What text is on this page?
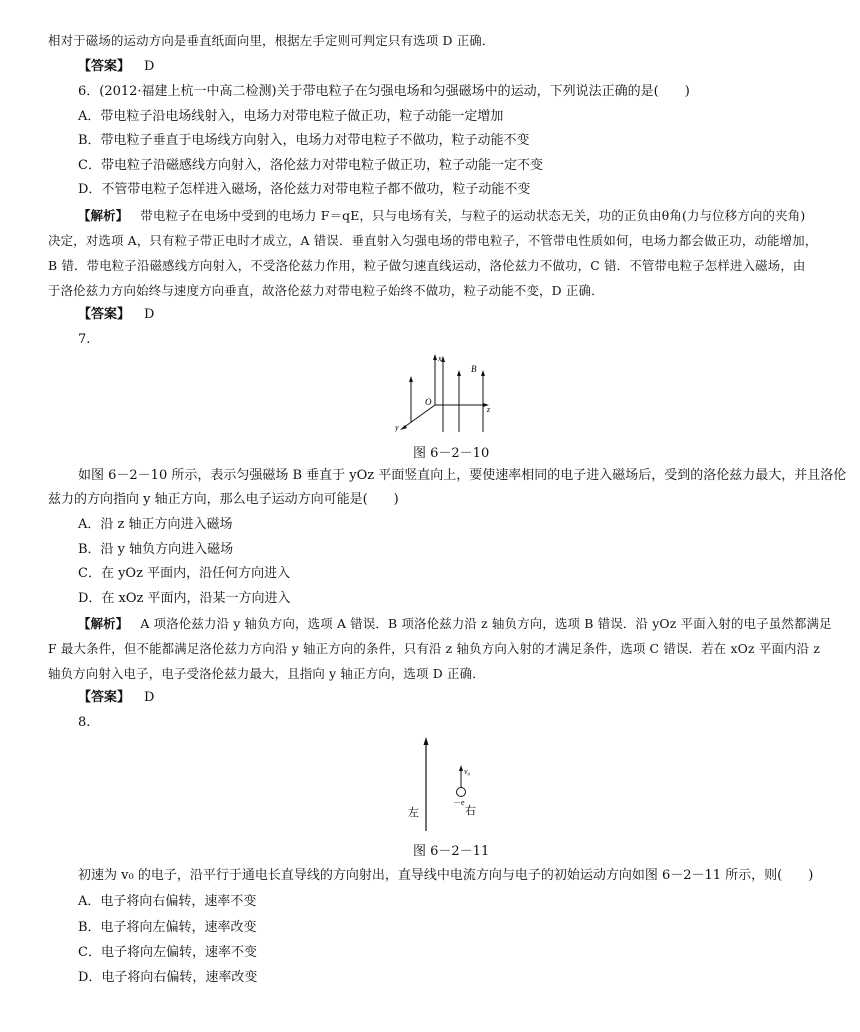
相对于磁场的运动方向是垂直纸面向里，根据左手定则可判定只有选项 D 正确．
【答案】 D
6．(2012·福建上杭一中高二检测)关于带电粒子在匀强电场和匀强磁场中的运动，下列说法正确的是(　　)
A．带电粒子沿电场线射入，电场力对带电粒子做正功，粒子动能一定增加
B．带电粒子垂直于电场线方向射入，电场力对带电粒子不做功，粒子动能不变
C．带电粒子沿磁感线方向射入，洛伦兹力对带电粒子做正功，粒子动能一定不变
D．不管带电粒子怎样进入磁场，洛伦兹力对带电粒子都不做功，粒子动能不变
【解析】 带电粒子在电场中受到的电场力 F＝qE，只与电场有关，与粒子的运动状态无关，功的正负由θ角(力与位移方向的夹角)
决定，对选项 A，只有粒子带正电时才成立，A 错误．垂直射入匀强电场的带电粒子，不管带电性质如何，电场力都会做正功，动能增加，
B 错．带电粒子沿磁感线方向射入，不受洛伦兹力作用，粒子做匀速直线运动，洛伦兹力不做功，C 错．不管带电粒子怎样进入磁场，由
于洛伦兹力方向始终与速度方向垂直，故洛伦兹力对带电粒子始终不做功，粒子动能不变，D 正确．
【答案】 D
7.
x
z
y
O
B
图 6－2－10
如图 6－2－10 所示，表示匀强磁场 B 垂直于 yOz 平面竖直向上，要使速率相同的电子进入磁场后，受到的洛伦兹力最大，并且洛伦
兹力的方向指向 y 轴正方向，那么电子运动方向可能是(　　)
A．沿 z 轴正方向进入磁场
B．沿 y 轴负方向进入磁场
C．在 yOz 平面内，沿任何方向进入
D．在 xOz 平面内，沿某一方向进入
【解析】 A 项洛伦兹力沿 y 轴负方向，选项 A 错误．B 项洛伦兹力沿 z 轴负方向，选项 B 错误．沿 yOz 平面入射的电子虽然都满足
F 最大条件，但不能都满足洛伦兹力方向沿 y 轴正方向的条件，只有沿 z 轴负方向入射的才满足条件，选项 C 错误．若在 xOz 平面内沿 z
轴负方向射入电子，电子受洛伦兹力最大，且指向 y 轴正方向，选项 D 正确．
【答案】 D
8.
v₀
－e
左	右
图 6－2－11
初速为 v₀ 的电子，沿平行于通电长直导线的方向射出，直导线中电流方向与电子的初始运动方向如图 6－2－11 所示，则(　　)
A．电子将向右偏转，速率不变
B．电子将向左偏转，速率改变
C．电子将向左偏转，速率不变
D．电子将向右偏转，速率改变
